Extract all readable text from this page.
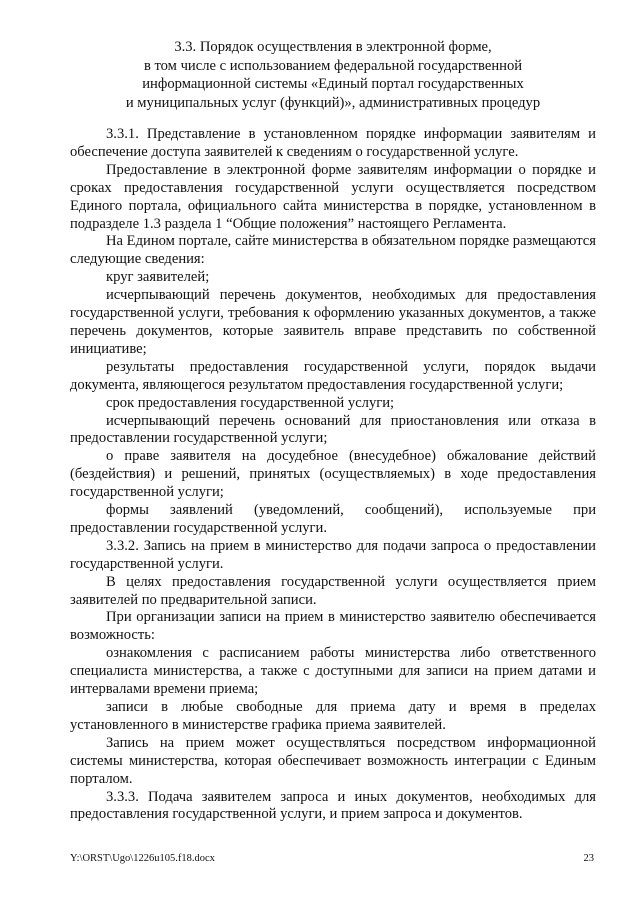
3.3. Порядок осуществления в электронной форме,
в том числе с использованием федеральной государственной
информационной системы «Единый портал государственных
и муниципальных услуг (функций)», административных процедур

3.3.1. Представление в установленном порядке информации заявителям и обеспечение доступа заявителей к сведениям о государственной услуге.

Предоставление в электронной форме заявителям информации о порядке и сроках предоставления государственной услуги осуществляется посредством Единого портала, официального сайта министерства в порядке, установленном в подразделе 1.3 раздела 1 “Общие положения” настоящего Регламента.

На Едином портале, сайте министерства в обязательном порядке размещаются следующие сведения:

круг заявителей;

исчерпывающий перечень документов, необходимых для предоставления государственной услуги, требования к оформлению указанных документов, а также перечень документов, которые заявитель вправе представить по собственной инициативе;

результаты предоставления государственной услуги, порядок выдачи документа, являющегося результатом предоставления государственной услуги;

срок предоставления государственной услуги;

исчерпывающий перечень оснований для приостановления или отказа в предоставлении государственной услуги;

о праве заявителя на досудебное (внесудебное) обжалование действий (бездействия) и решений, принятых (осуществляемых) в ходе предоставления государственной услуги;

формы заявлений (уведомлений, сообщений), используемые при предоставлении государственной услуги.

3.3.2. Запись на прием в министерство для подачи запроса о предоставлении государственной услуги.

В целях предоставления государственной услуги осуществляется прием заявителей по предварительной записи.

При организации записи на прием в министерство заявителю обеспечивается возможность:

ознакомления с расписанием работы министерства либо ответственного специалиста министерства, а также с доступными для записи на прием датами и интервалами времени приема;

записи в любые свободные для приема дату и время в пределах установленного в министерстве графика приема заявителей.

Запись на прием может осуществляться посредством информационной системы министерства, которая обеспечивает возможность интеграции с Единым порталом.

3.3.3. Подача заявителем запроса и иных документов, необходимых для предоставления государственной услуги, и прием запроса и документов.

Y:\ORST\Ugo\1226u105.f18.docx	23
